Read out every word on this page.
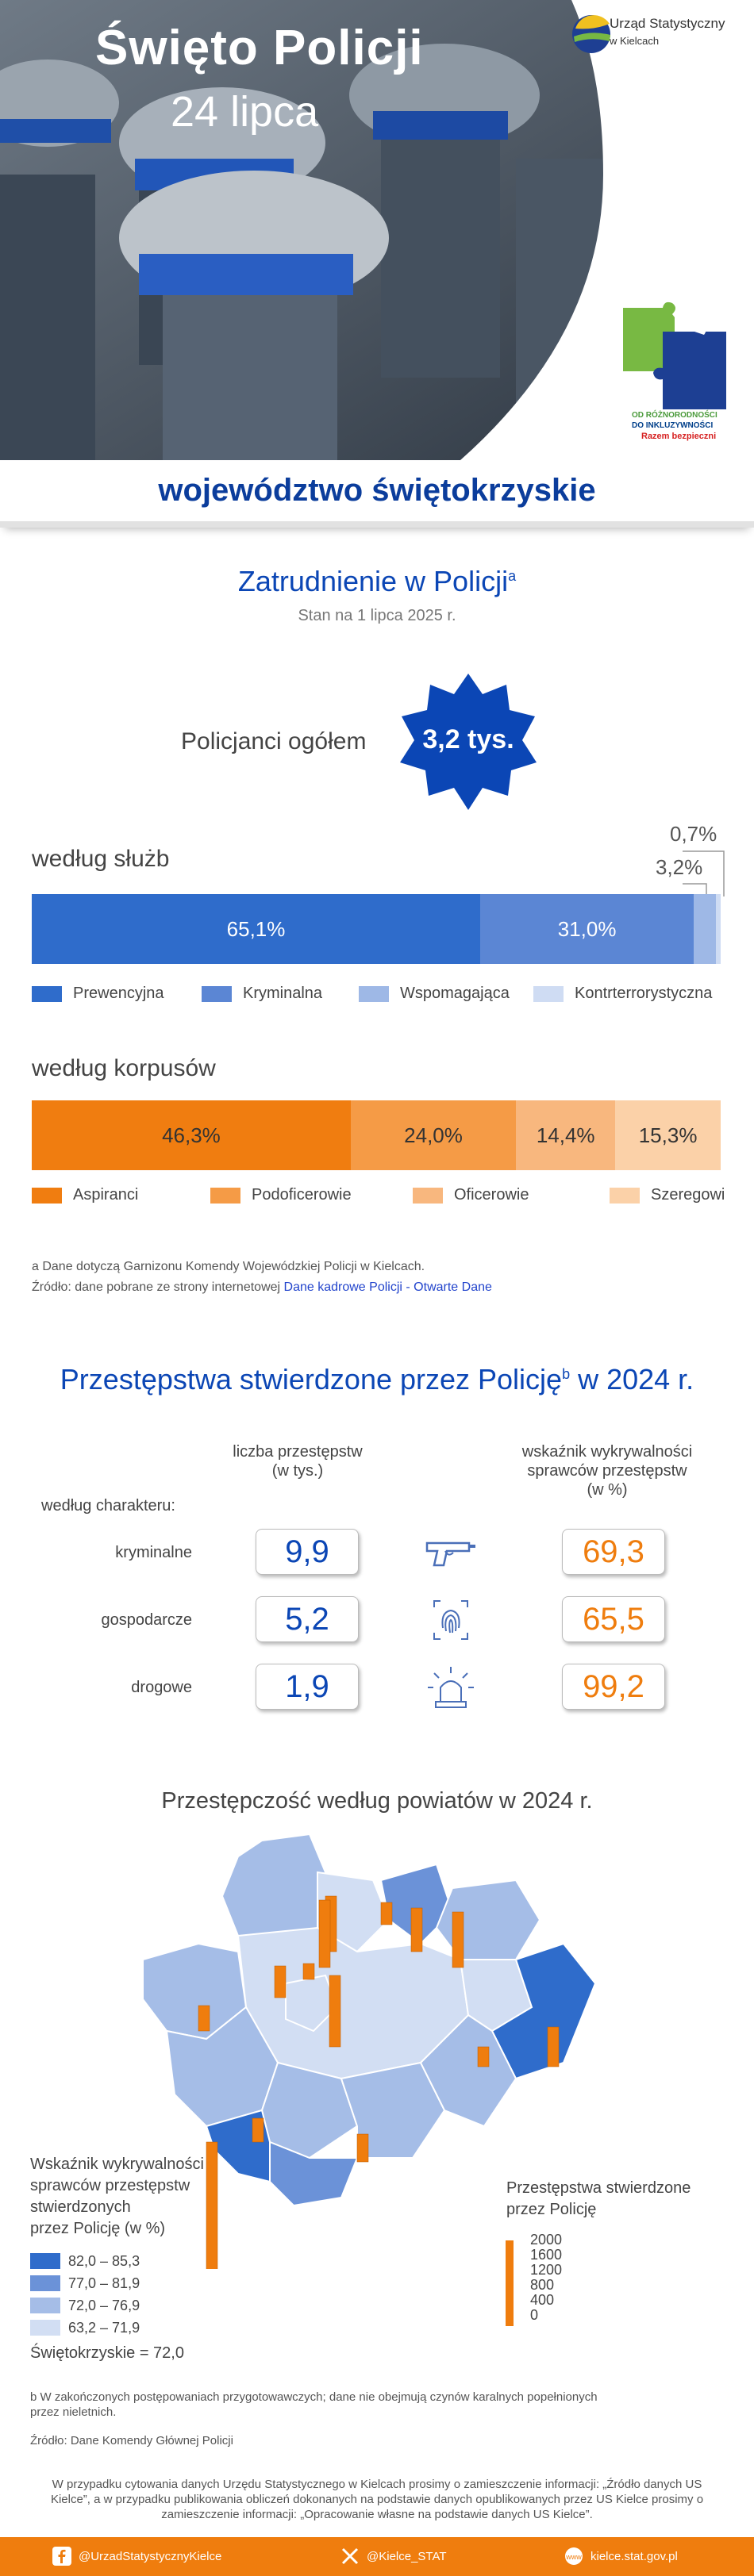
Święto Policji
24 lipca
Urząd Statystyczny
w Kielcach
OD RÓŻNORODNOŚCI
DO INKLUZYWNOŚCI
Razem bezpieczni
województwo świętokrzyskie
Zatrudnienie w Policji$^a$
Stan na 1 lipca 2025 r.
Policjanci ogółem	3,2 tys.
według służb
0,7%
3,2%
65,1%	31,0%
Prewencyjna	Kryminalna	Wspomagająca	Kontrterrorystyczna
według korpusów
46,3%	24,0%	14,4%	15,3%
Aspiranci	Podoficerowie	Oficerowie	Szeregowi
a Dane dotyczą Garnizonu Komendy Wojewódzkiej Policji w Kielcach.
Źródło: dane pobrane ze strony internetowej Dane kadrowe Policji - Otwarte Dane
Przestępstwa stwierdzone przez Policję$^b$ w 2024 r.
liczba przestępstw
(w tys.)
wskaźnik wykrywalności
sprawców przestępstw
(w %)
według charakteru:
kryminalne	9,9	69,3
gospodarcze	5,2	65,5
drogowe	1,9	99,2
Przestępczość według powiatów w 2024 r.
Wskaźnik wykrywalności
sprawców przestępstw
stwierdzonych
przez Policję (w %)
82,0 – 85,3
77,0 – 81,9
72,0 – 76,9
63,2 – 71,9
Świętokrzyskie = 72,0
Przestępstwa stwierdzone
przez Policję
2000
1600
1200
800
400
0
b W zakończonych postępowaniach przygotowawczych; dane nie obejmują czynów karalnych popełnionych
przez nieletnich.
Źródło: Dane Komendy Głównej Policji
W przypadku cytowania danych Urzędu Statystycznego w Kielcach prosimy o zamieszczenie informacji: „Źródło danych US Kielce”, a w przypadku publikowania obliczeń dokonanych na podstawie danych opublikowanych przez US Kielce prosimy o zamieszczenie informacji: „Opracowanie własne na podstawie danych US Kielce”.
@UrzadStatystycznyKielce	@Kielce_STAT	www kielce.stat.gov.pl
